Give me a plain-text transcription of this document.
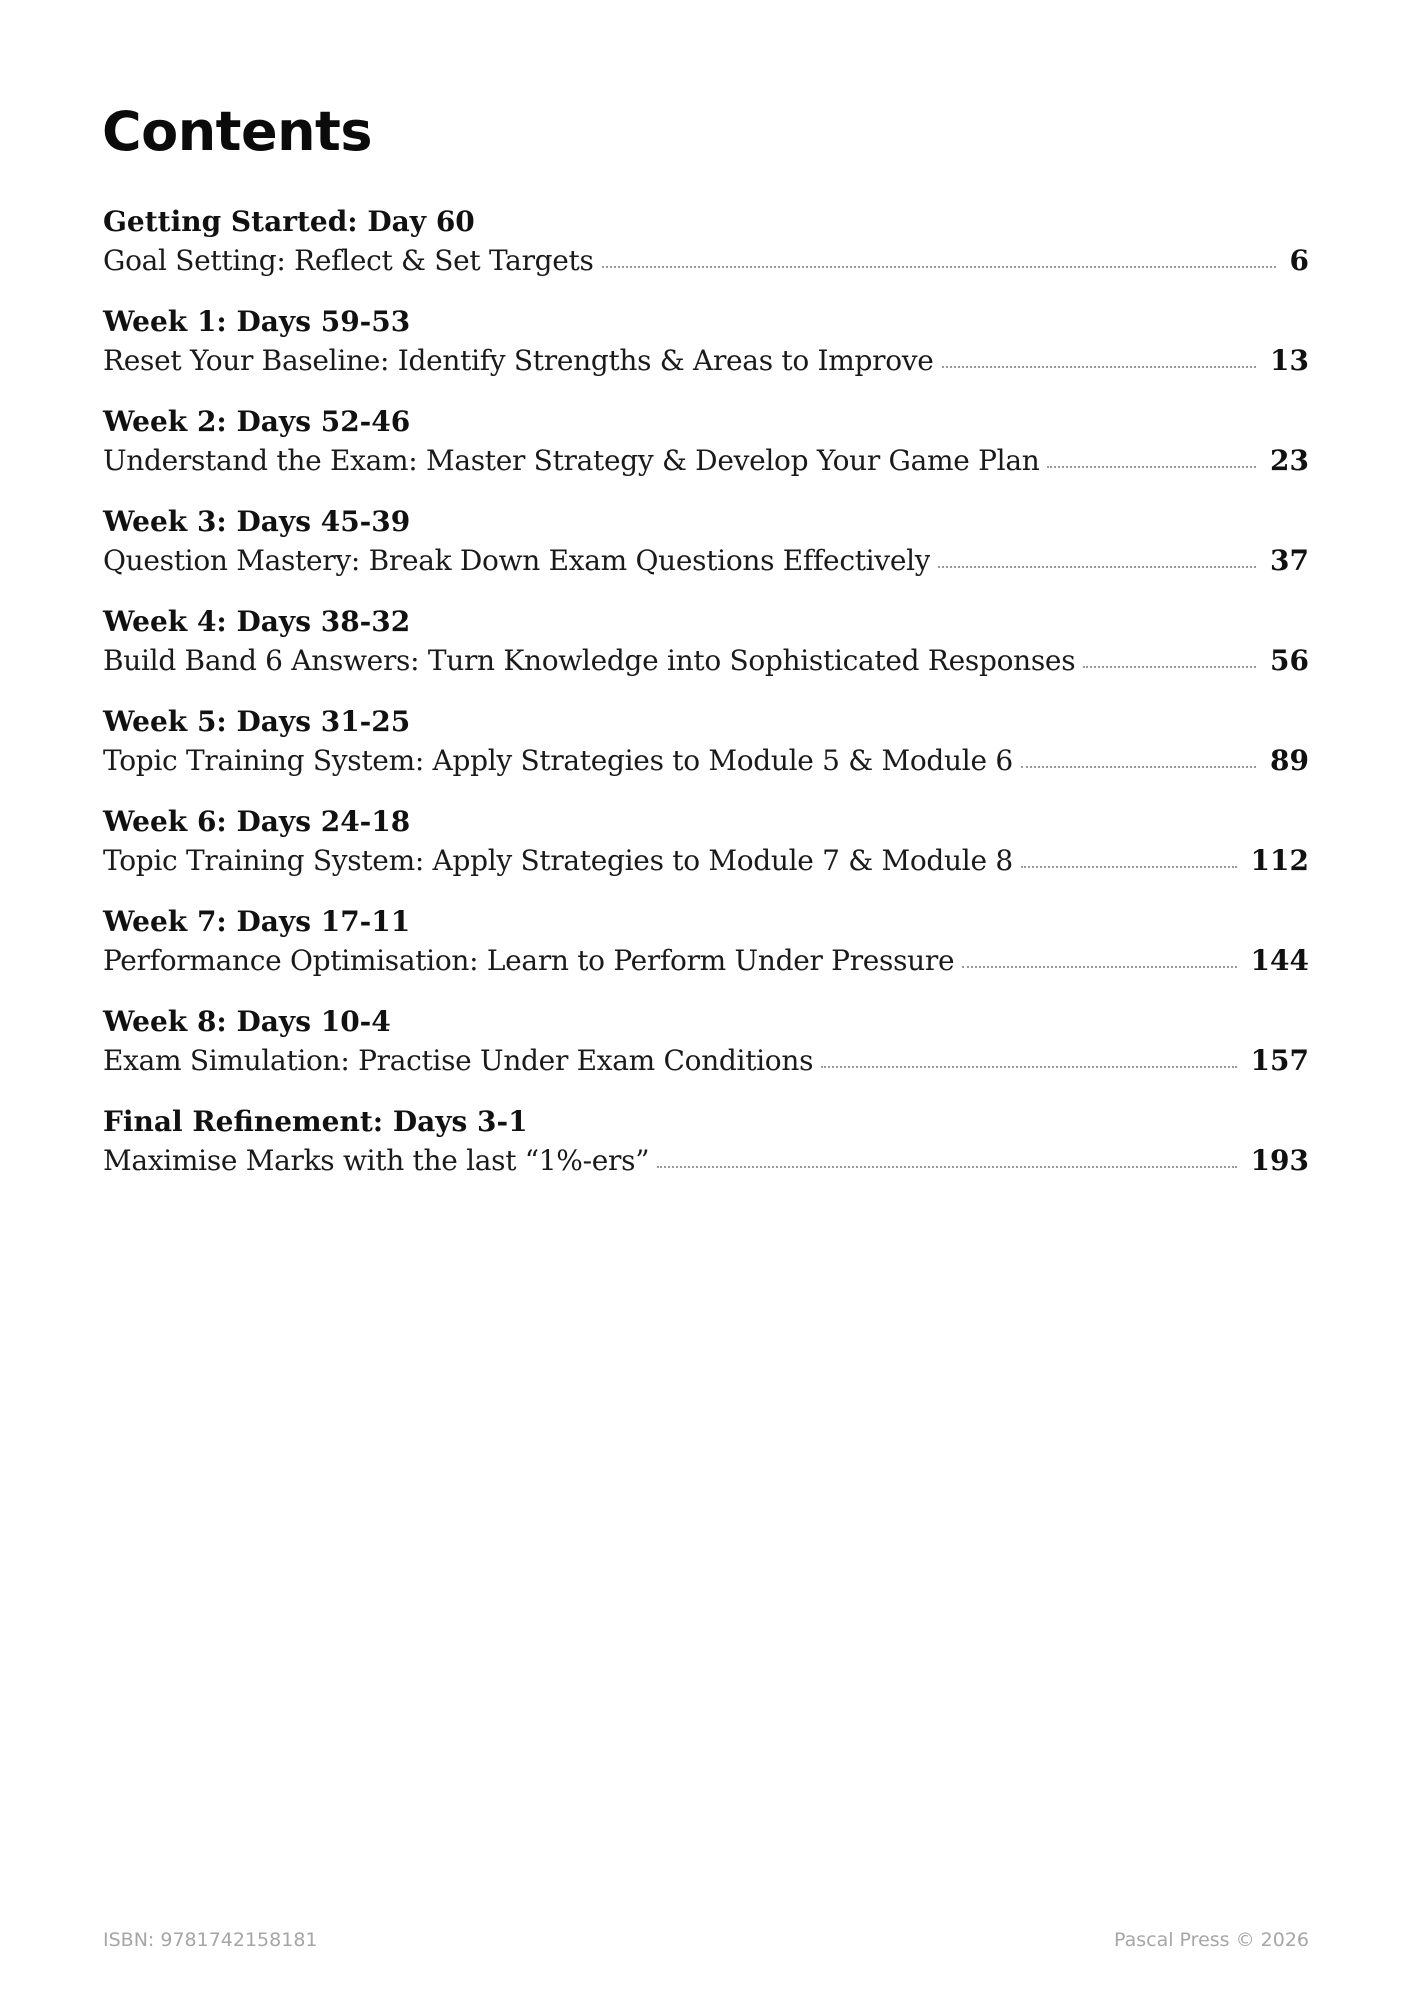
Contents
Getting Started: Day 60
Goal Setting: Reflect & Set Targets	6
Week 1: Days 59-53
Reset Your Baseline: Identify Strengths & Areas to Improve	13
Week 2: Days 52-46
Understand the Exam: Master Strategy & Develop Your Game Plan	23
Week 3: Days 45-39
Question Mastery: Break Down Exam Questions Effectively	37
Week 4: Days 38-32
Build Band 6 Answers: Turn Knowledge into Sophisticated Responses	56
Week 5: Days 31-25
Topic Training System: Apply Strategies to Module 5 & Module 6	89
Week 6: Days 24-18
Topic Training System: Apply Strategies to Module 7 & Module 8	112
Week 7: Days 17-11
Performance Optimisation: Learn to Perform Under Pressure	144
Week 8: Days 10-4
Exam Simulation: Practise Under Exam Conditions	157
Final Refinement: Days 3-1
Maximise Marks with the last “1%-ers”	193
ISBN: 9781742158181	Pascal Press © 2026
